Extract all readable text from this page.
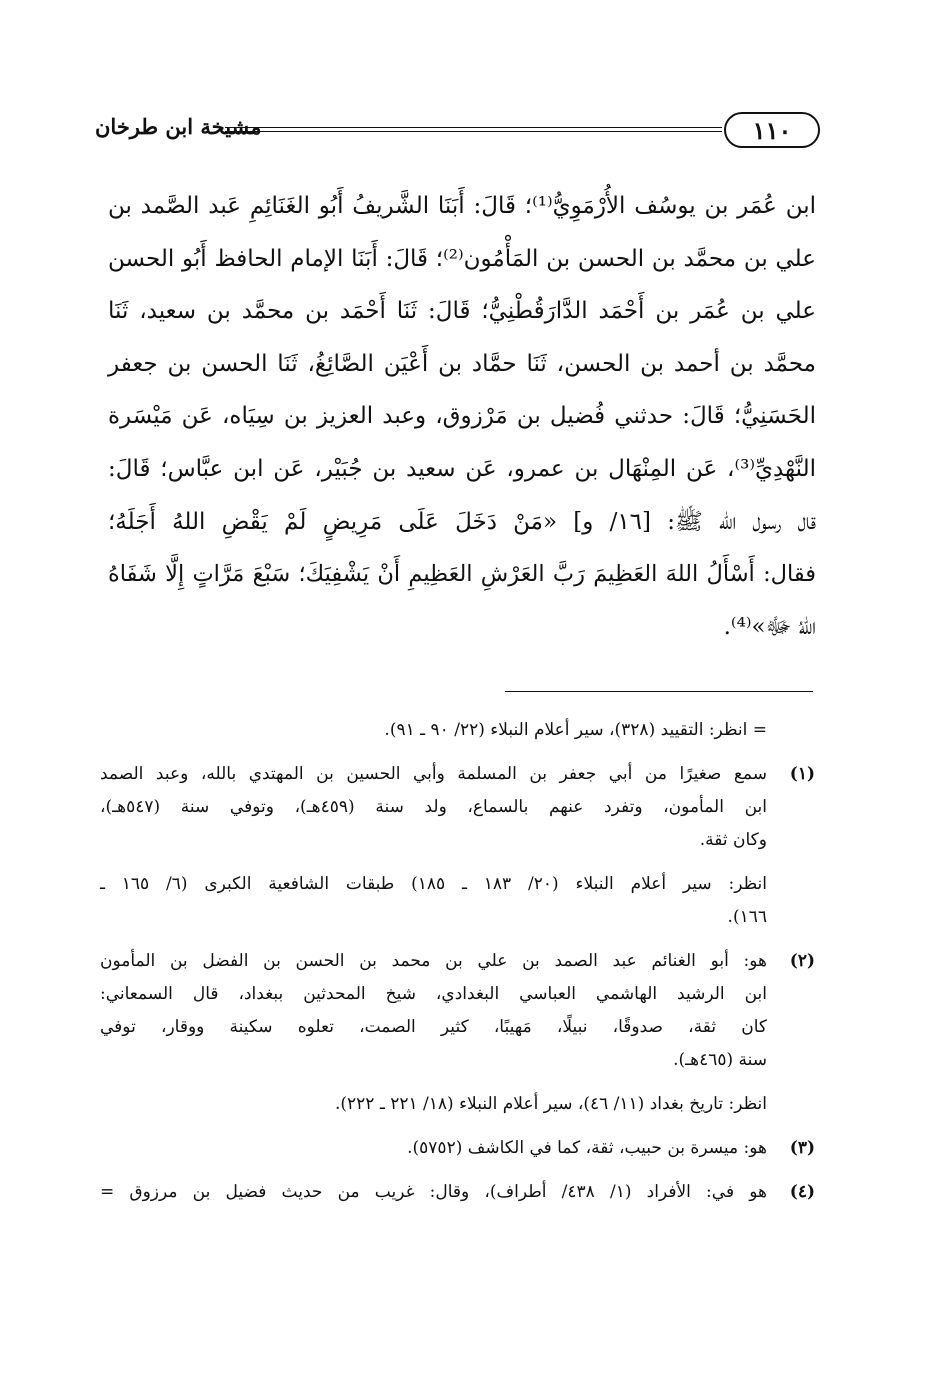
١١٠
مشيخة ابن طرخان
ابن عُمَر بن يوسُف الأُرْمَوِيُّ⁽¹⁾؛ قَالَ: أَبَنَا الشَّريفُ أَبُو الغَنَائِمِ عَبد الصَّمد بن
علي بن محمَّد بن الحسن بن المَأْمُون⁽²⁾؛ قَالَ: أَبَنَا الإمام الحافظ أَبُو الحسن
علي بن عُمَر بن أَحْمَد الدَّارَقُطْنِيُّ؛ قَالَ: ثَنَا أَحْمَد بن محمَّد بن سعيد، ثَنَا
محمَّد بن أحمد بن الحسن، ثَنَا حمَّاد بن أَعْيَن الصَّائِغُ، ثَنَا الحسن بن جعفر
الحَسَنِيُّ؛ قَالَ: حدثني فُضيل بن مَرْزوق، وعبد العزيز بن سِيَاه، عَن مَيْسَرة
النَّهْدِيِّ⁽³⁾، عَن المِنْهَال بن عمرو، عَن سعيد بن جُبَيْر، عَن ابن عبَّاس؛ قَالَ:
قال رسول الله ﷺ: [١٦/ و] «مَنْ دَخَلَ عَلَى مَرِيضٍ لَمْ يَقْضِ اللهُ أَجَلَهُ؛
فقال: أَسْأَلُ اللهَ العَظِيمَ رَبَّ العَرْشِ العَظِيمِ أَنْ يَشْفِيَكَ؛ سَبْعَ مَرَّاتٍ إِلَّا شَفَاهُ
اللهُ ﷻ»⁽⁴⁾.
= انظر: التقييد (٣٢٨)، سير أعلام النبلاء (٢٢/ ٩٠ ـ ٩١).
(١)
سمع صغيرًا من أبي جعفر بن المسلمة وأبي الحسين بن المهتدي بالله، وعبد الصمد
ابن المأمون، وتفرد عنهم بالسماع، ولد سنة (٤٥٩هـ)، وتوفي سنة (٥٤٧هـ)،
وكان ثقة.
انظر: سير أعلام النبلاء (٢٠/ ١٨٣ ـ ١٨٥) طبقات الشافعية الكبرى (٦/ ١٦٥ ـ
١٦٦).
(٢)
هو: أبو الغنائم عبد الصمد بن علي بن محمد بن الحسن بن الفضل بن المأمون
ابن الرشيد الهاشمي العباسي البغدادي، شيخ المحدثين ببغداد، قال السمعاني:
كان ثقة، صدوقًا، نبيلًا، مَهيبًا، كثير الصمت، تعلوه سكينة ووقار، توفي
سنة (٤٦٥هـ).
انظر: تاريخ بغداد (١١/ ٤٦)، سير أعلام النبلاء (١٨/ ٢٢١ ـ ٢٢٢).
(٣)
هو: ميسرة بن حبيب، ثقة، كما في الكاشف (٥٧٥٢).
(٤)
هو في: الأفراد (١/ ٤٣٨/ أطراف)، وقال: غريب من حديث فضيل بن مرزوق =
